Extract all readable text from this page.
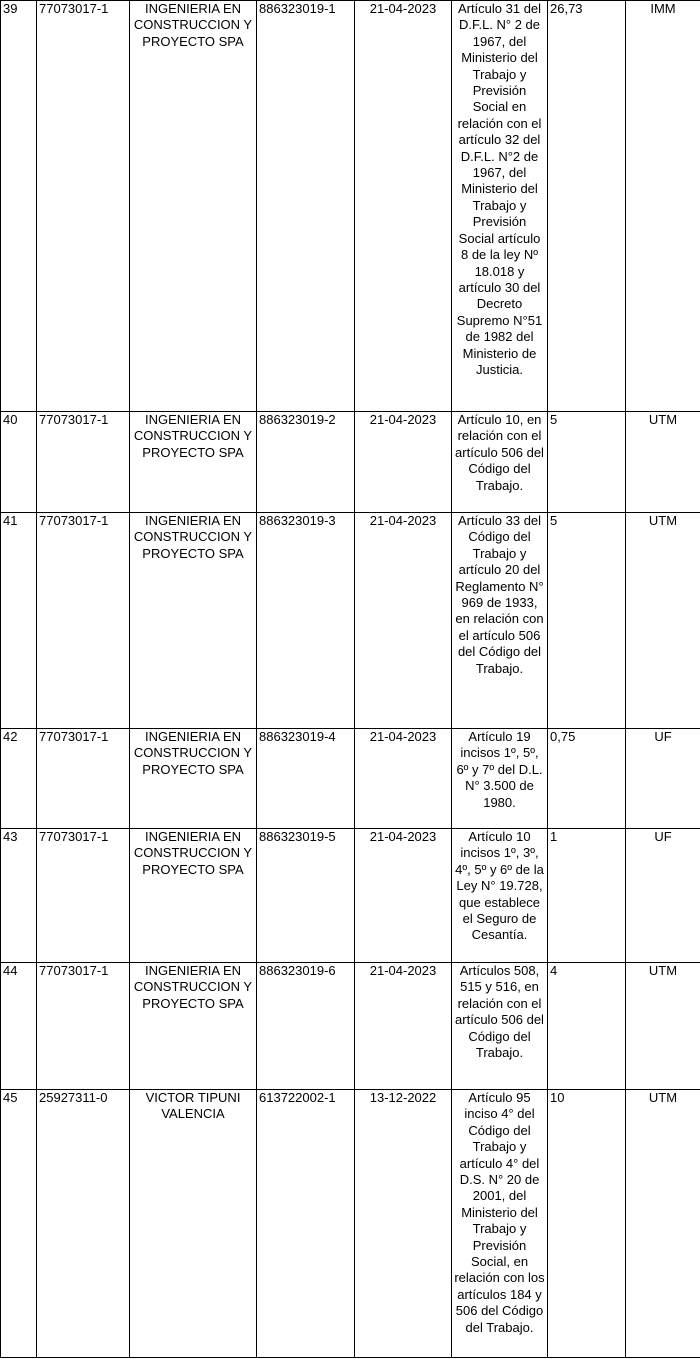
39	77073017-1	INGENIERIA EN CONSTRUCCION Y PROYECTO SPA	886323019-1	21-04-2023	Artículo 31 del D.F.L. N° 2 de 1967, del Ministerio del Trabajo y Previsión Social en relación con el artículo 32 del D.F.L. N°2 de 1967, del Ministerio del Trabajo y Previsión Social artículo 8 de la ley Nº 18.018 y artículo 30 del Decreto Supremo N°51 de 1982 del Ministerio de Justicia.	26,73	IMM
40	77073017-1	INGENIERIA EN CONSTRUCCION Y PROYECTO SPA	886323019-2	21-04-2023	Artículo 10, en relación con el artículo 506 del Código del Trabajo.	5	UTM
41	77073017-1	INGENIERIA EN CONSTRUCCION Y PROYECTO SPA	886323019-3	21-04-2023	Artículo 33 del Código del Trabajo y artículo 20 del Reglamento N° 969 de 1933, en relación con el artículo 506 del Código del Trabajo.	5	UTM
42	77073017-1	INGENIERIA EN CONSTRUCCION Y PROYECTO SPA	886323019-4	21-04-2023	Artículo 19 incisos 1º, 5º, 6º y 7º del D.L. N° 3.500 de 1980.	0,75	UF
43	77073017-1	INGENIERIA EN CONSTRUCCION Y PROYECTO SPA	886323019-5	21-04-2023	Artículo 10 incisos 1º, 3º, 4º, 5º y 6º de la Ley N° 19.728, que establece el Seguro de Cesantía.	1	UF
44	77073017-1	INGENIERIA EN CONSTRUCCION Y PROYECTO SPA	886323019-6	21-04-2023	Artículos 508, 515 y 516, en relación con el artículo 506 del Código del Trabajo.	4	UTM
45	25927311-0	VICTOR TIPUNI VALENCIA	613722002-1	13-12-2022	Artículo 95 inciso 4° del Código del Trabajo y artículo 4° del D.S. N° 20 de 2001, del Ministerio del Trabajo y Previsión Social, en relación con los artículos 184 y 506 del Código del Trabajo.	10	UTM
